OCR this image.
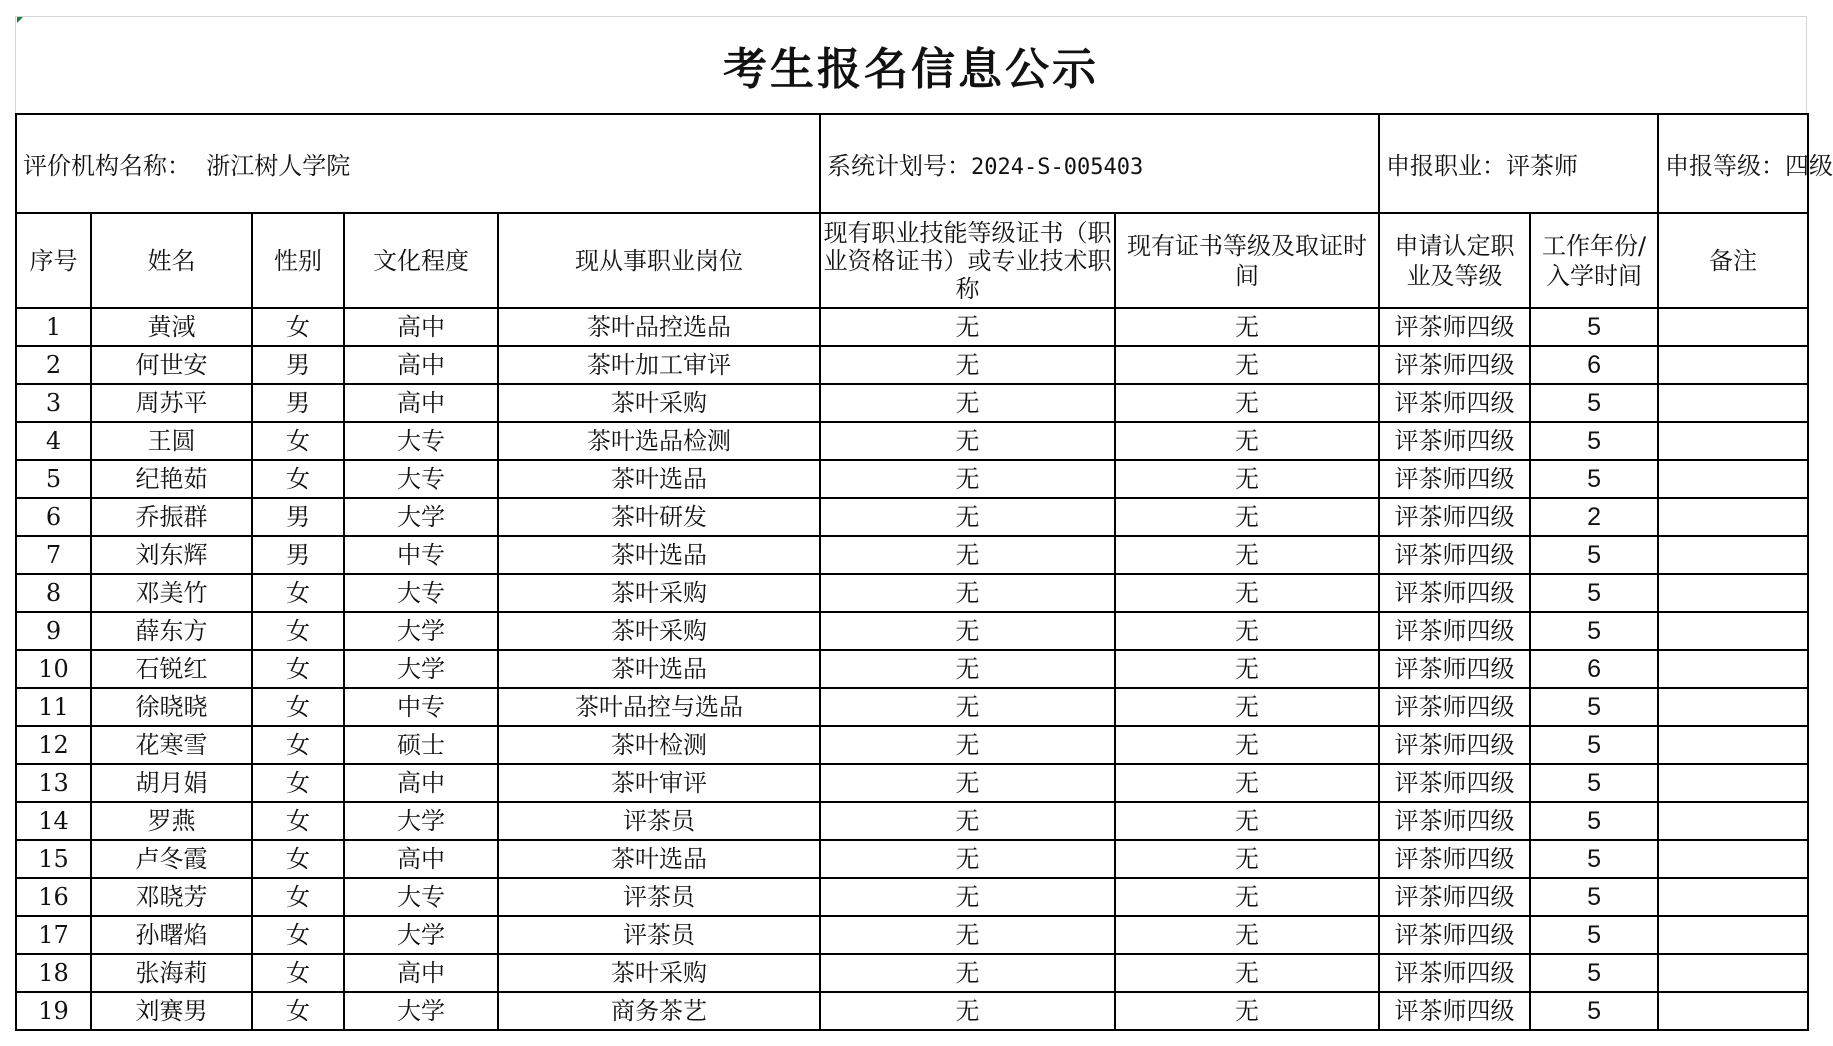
考生报名信息公示
评价机构名称： 浙江树人学院					系统计划号：2024-S-005403		申报职业：评茶师		申报等级：四级
序号	姓名	性别	文化程度	现从事职业岗位	现有职业技能等级证书（职业资格证书）或专业技术职称	现有证书等级及取证时间	申请认定职业及等级	工作年份/入学时间	备注
1	黄淢	女	高中	茶叶品控选品	无	无	评茶师四级	5	
2	何世安	男	高中	茶叶加工审评	无	无	评茶师四级	6	
3	周苏平	男	高中	茶叶采购	无	无	评茶师四级	5	
4	王圆	女	大专	茶叶选品检测	无	无	评茶师四级	5	
5	纪艳茹	女	大专	茶叶选品	无	无	评茶师四级	5	
6	乔振群	男	大学	茶叶研发	无	无	评茶师四级	2	
7	刘东辉	男	中专	茶叶选品	无	无	评茶师四级	5	
8	邓美竹	女	大专	茶叶采购	无	无	评茶师四级	5	
9	薛东方	女	大学	茶叶采购	无	无	评茶师四级	5	
10	石锐红	女	大学	茶叶选品	无	无	评茶师四级	6	
11	徐晓晓	女	中专	茶叶品控与选品	无	无	评茶师四级	5	
12	花寒雪	女	硕士	茶叶检测	无	无	评茶师四级	5	
13	胡月娟	女	高中	茶叶审评	无	无	评茶师四级	5	
14	罗燕	女	大学	评茶员	无	无	评茶师四级	5	
15	卢冬霞	女	高中	茶叶选品	无	无	评茶师四级	5	
16	邓晓芳	女	大专	评茶员	无	无	评茶师四级	5	
17	孙曙焰	女	大学	评茶员	无	无	评茶师四级	5	
18	张海莉	女	高中	茶叶采购	无	无	评茶师四级	5	
19	刘赛男	女	大学	商务茶艺	无	无	评茶师四级	5	
